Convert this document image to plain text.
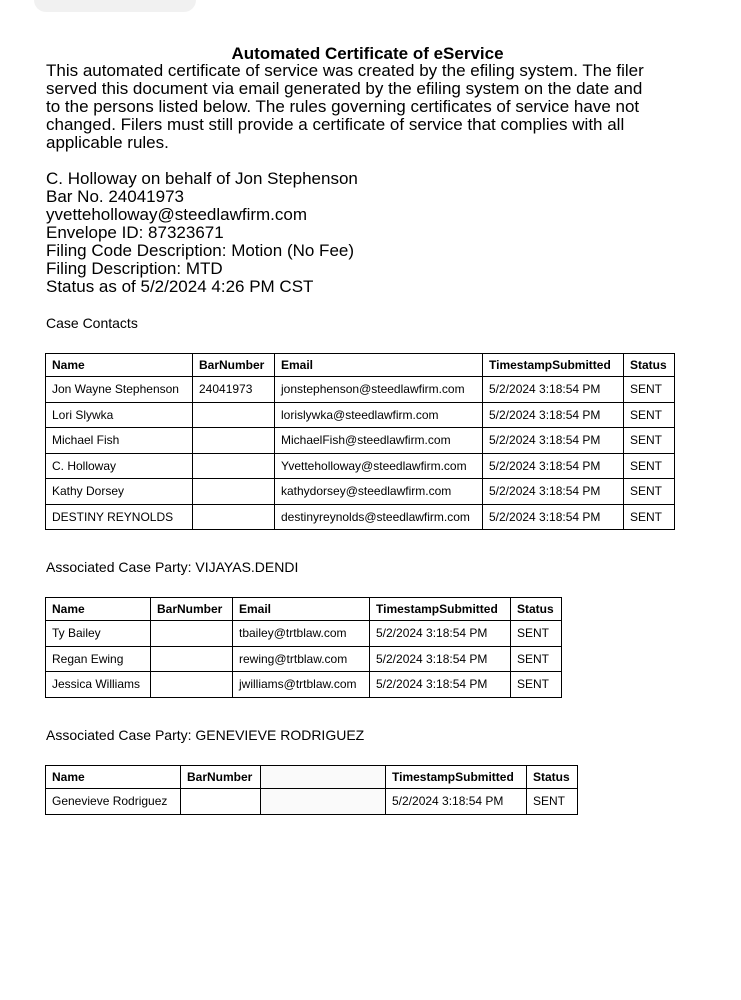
Automated Certificate of eService

This automated certificate of service was created by the efiling system. The filer served this document via email generated by the efiling system on the date and to the persons listed below. The rules governing certificates of service have not changed. Filers must still provide a certificate of service that complies with all applicable rules.

C. Holloway on behalf of Jon Stephenson
Bar No. 24041973
yvetteholloway@steedlawfirm.com
Envelope ID: 87323671
Filing Code Description: Motion (No Fee)
Filing Description: MTD
Status as of 5/2/2024 4:26 PM CST
Case Contacts
Name	BarNumber	Email	TimestampSubmitted	Status
Jon Wayne Stephenson	24041973	jonstephenson@steedlawfirm.com	5/2/2024 3:18:54 PM	SENT
Lori Slywka		lorislywka@steedlawfirm.com	5/2/2024 3:18:54 PM	SENT
Michael Fish		MichaelFish@steedlawfirm.com	5/2/2024 3:18:54 PM	SENT
C. Holloway		Yvetteholloway@steedlawfirm.com	5/2/2024 3:18:54 PM	SENT
Kathy Dorsey		kathydorsey@steedlawfirm.com	5/2/2024 3:18:54 PM	SENT
DESTINY REYNOLDS		destinyreynolds@steedlawfirm.com	5/2/2024 3:18:54 PM	SENT
Associated Case Party: VIJAYAS.DENDI
Name	BarNumber	Email	TimestampSubmitted	Status
Ty Bailey		tbailey@trtblaw.com	5/2/2024 3:18:54 PM	SENT
Regan Ewing		rewing@trtblaw.com	5/2/2024 3:18:54 PM	SENT
Jessica Williams		jwilliams@trtblaw.com	5/2/2024 3:18:54 PM	SENT
Associated Case Party: GENEVIEVE RODRIGUEZ
Name	BarNumber		TimestampSubmitted	Status
Genevieve Rodriguez			5/2/2024 3:18:54 PM	SENT
